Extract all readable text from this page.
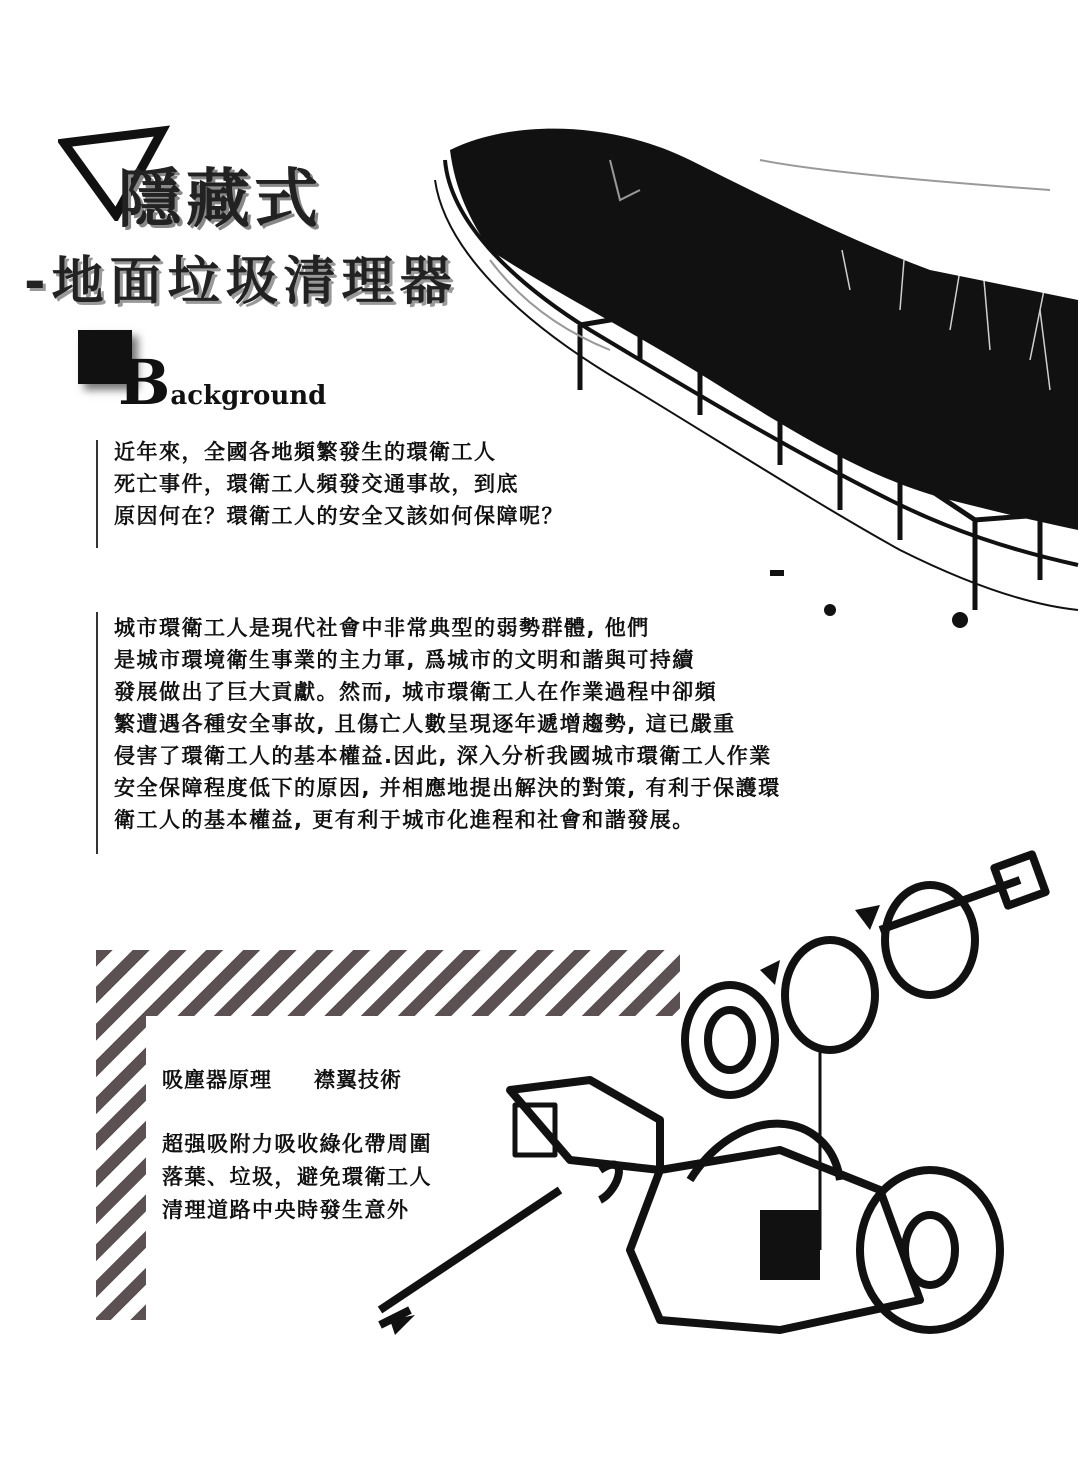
隱藏式
-地面垃圾清理器
Background
近年來，全國各地頻繁發生的環衛工人
死亡事件，環衛工人頻發交通事故，到底
原因何在？環衛工人的安全又該如何保障呢？
城市環衛工人是現代社會中非常典型的弱勢群體, 他們
是城市環境衛生事業的主力軍, 爲城市的文明和諧與可持續
發展做出了巨大貢獻。然而, 城市環衛工人在作業過程中卻頻
繁遭遇各種安全事故, 且傷亡人數呈現逐年遞增趨勢, 這已嚴重
侵害了環衛工人的基本權益.因此, 深入分析我國城市環衛工人作業
安全保障程度低下的原因, 并相應地提出解決的對策, 有利于保護環
衛工人的基本權益, 更有利于城市化進程和社會和諧發展。
吸塵器原理 襟翼技術
超强吸附力吸收綠化帶周圍
落葉、垃圾，避免環衛工人
清理道路中央時發生意外
